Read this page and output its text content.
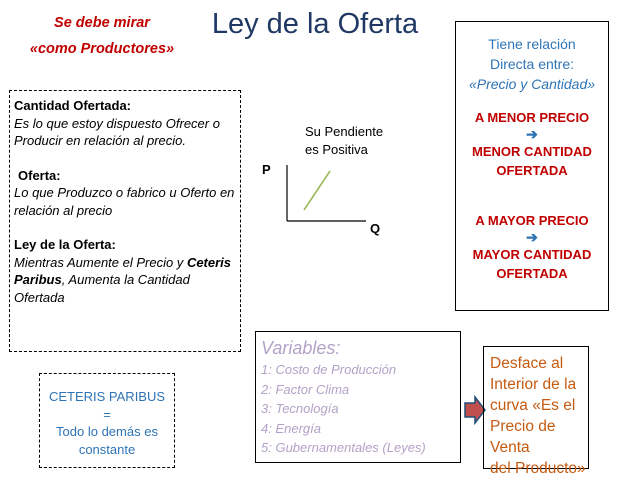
Se debe mirar
«como Productores»
Ley de la Oferta
Cantidad Ofertada:
Es lo que estoy dispuesto Ofrecer o Producir en relación al precio.
Oferta:
Lo que Produzco o fabrico u Oferto en relación al precio
Ley de la Oferta:
Mientras Aumente el Precio y Ceteris Paribus, Aumenta la Cantidad Ofertada
Su Pendiente
es Positiva
P
Q
Tiene relación
Directa entre:
«Precio y Cantidad»
A MENOR PRECIO
➔
MENOR CANTIDAD
OFERTADA
A MAYOR PRECIO
➔
MAYOR CANTIDAD
OFERTADA
Variables:
1: Costo de Producción
2: Factor Clima
3: Tecnología
4: Energía
5: Gubernamentales (Leyes)
CETERIS PARIBUS
=
Todo lo demás es
constante
Desface al
Interior de la
curva «Es el
Precio de Venta
del Producto»
